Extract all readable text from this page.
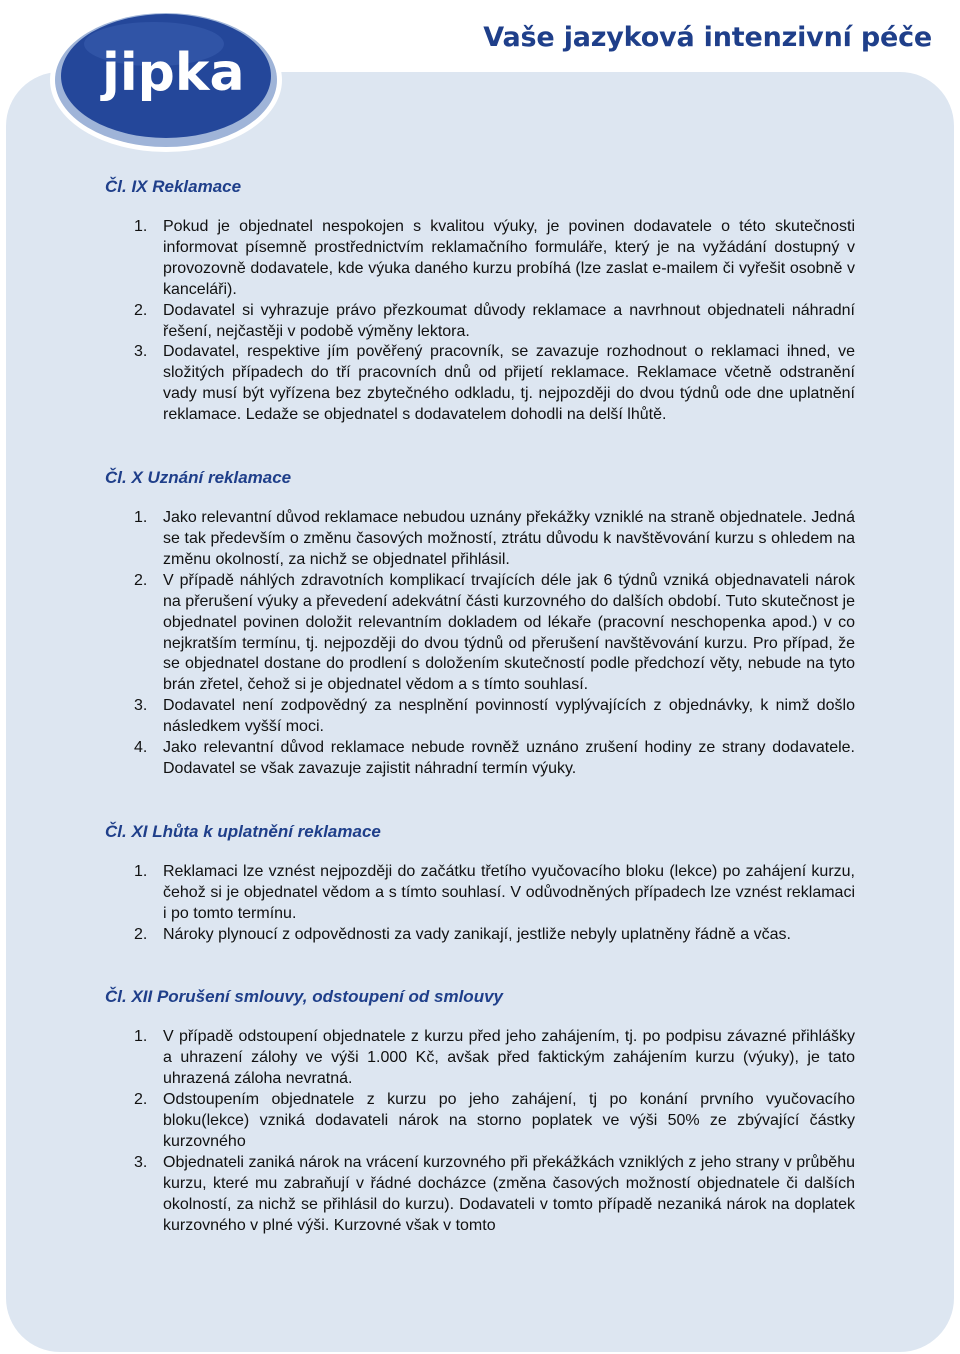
jipka
Vaše jazyková intenzivní péče
Čl. IX Reklamace
1. Pokud je objednatel nespokojen s kvalitou výuky, je povinen dodavatele o této skutečnosti informovat písemně prostřednictvím reklamačního formuláře, který je na vyžádání dostupný v provozovně dodavatele, kde výuka daného kurzu probíhá (lze zaslat e-mailem či vyřešit osobně v kanceláři).
2. Dodavatel si vyhrazuje právo přezkoumat důvody reklamace a navrhnout objednateli náhradní řešení, nejčastěji v podobě výměny lektora.
3. Dodavatel, respektive jím pověřený pracovník, se zavazuje rozhodnout o reklamaci ihned, ve složitých případech do tří pracovních dnů od přijetí reklamace. Reklamace včetně odstranění vady musí být vyřízena bez zbytečného odkladu, tj. nejpozději do dvou týdnů ode dne uplatnění reklamace. Ledaže se objednatel s dodavatelem dohodli na delší lhůtě.
Čl. X Uznání reklamace
1. Jako relevantní důvod reklamace nebudou uznány překážky vzniklé na straně objednatele. Jedná se tak především o změnu časových možností, ztrátu důvodu k navštěvování kurzu s ohledem na změnu okolností, za nichž se objednatel přihlásil.
2. V případě náhlých zdravotních komplikací trvajících déle jak 6 týdnů vzniká objednavateli nárok na přerušení výuky a převedení adekvátní části kurzovného do dalších období. Tuto skutečnost je objednatel povinen doložit relevantním dokladem od lékaře (pracovní neschopenka apod.) v co nejkratším termínu, tj. nejpozději do dvou týdnů od přerušení navštěvování kurzu. Pro případ, že se objednatel dostane do prodlení s doložením skutečností podle předchozí věty, nebude na tyto brán zřetel, čehož si je objednatel vědom a s tímto souhlasí.
3. Dodavatel není zodpovědný za nesplnění povinností vyplývajících z objednávky, k nimž došlo následkem vyšší moci.
4. Jako relevantní důvod reklamace nebude rovněž uznáno zrušení hodiny ze strany dodavatele. Dodavatel se však zavazuje zajistit náhradní termín výuky.
Čl. XI Lhůta k uplatnění reklamace
1. Reklamaci lze vznést nejpozději do začátku třetího vyučovacího bloku (lekce) po zahájení kurzu, čehož si je objednatel vědom a s tímto souhlasí. V odůvodněných případech lze vznést reklamaci i po tomto termínu.
2. Nároky plynoucí z odpovědnosti za vady zanikají, jestliže nebyly uplatněny řádně a včas.
Čl. XII Porušení smlouvy, odstoupení od smlouvy
1. V případě odstoupení objednatele z kurzu před jeho zahájením, tj. po podpisu závazné přihlášky a uhrazení zálohy ve výši 1.000 Kč, avšak před faktickým zahájením kurzu (výuky), je tato uhrazená záloha nevratná.
2. Odstoupením objednatele z kurzu po jeho zahájení, tj po konání prvního vyučovacího bloku(lekce) vzniká dodavateli nárok na storno poplatek ve výši 50% ze zbývající částky kurzovného
3. Objednateli zaniká nárok na vrácení kurzovného při překážkách vzniklých z jeho strany v průběhu kurzu, které mu zabraňují v řádné docházce (změna časových možností objednatele či dalších okolností, za nichž se přihlásil do kurzu). Dodavateli v tomto případě nezaniká nárok na doplatek kurzovného v plné výši. Kurzovné však v tomto
